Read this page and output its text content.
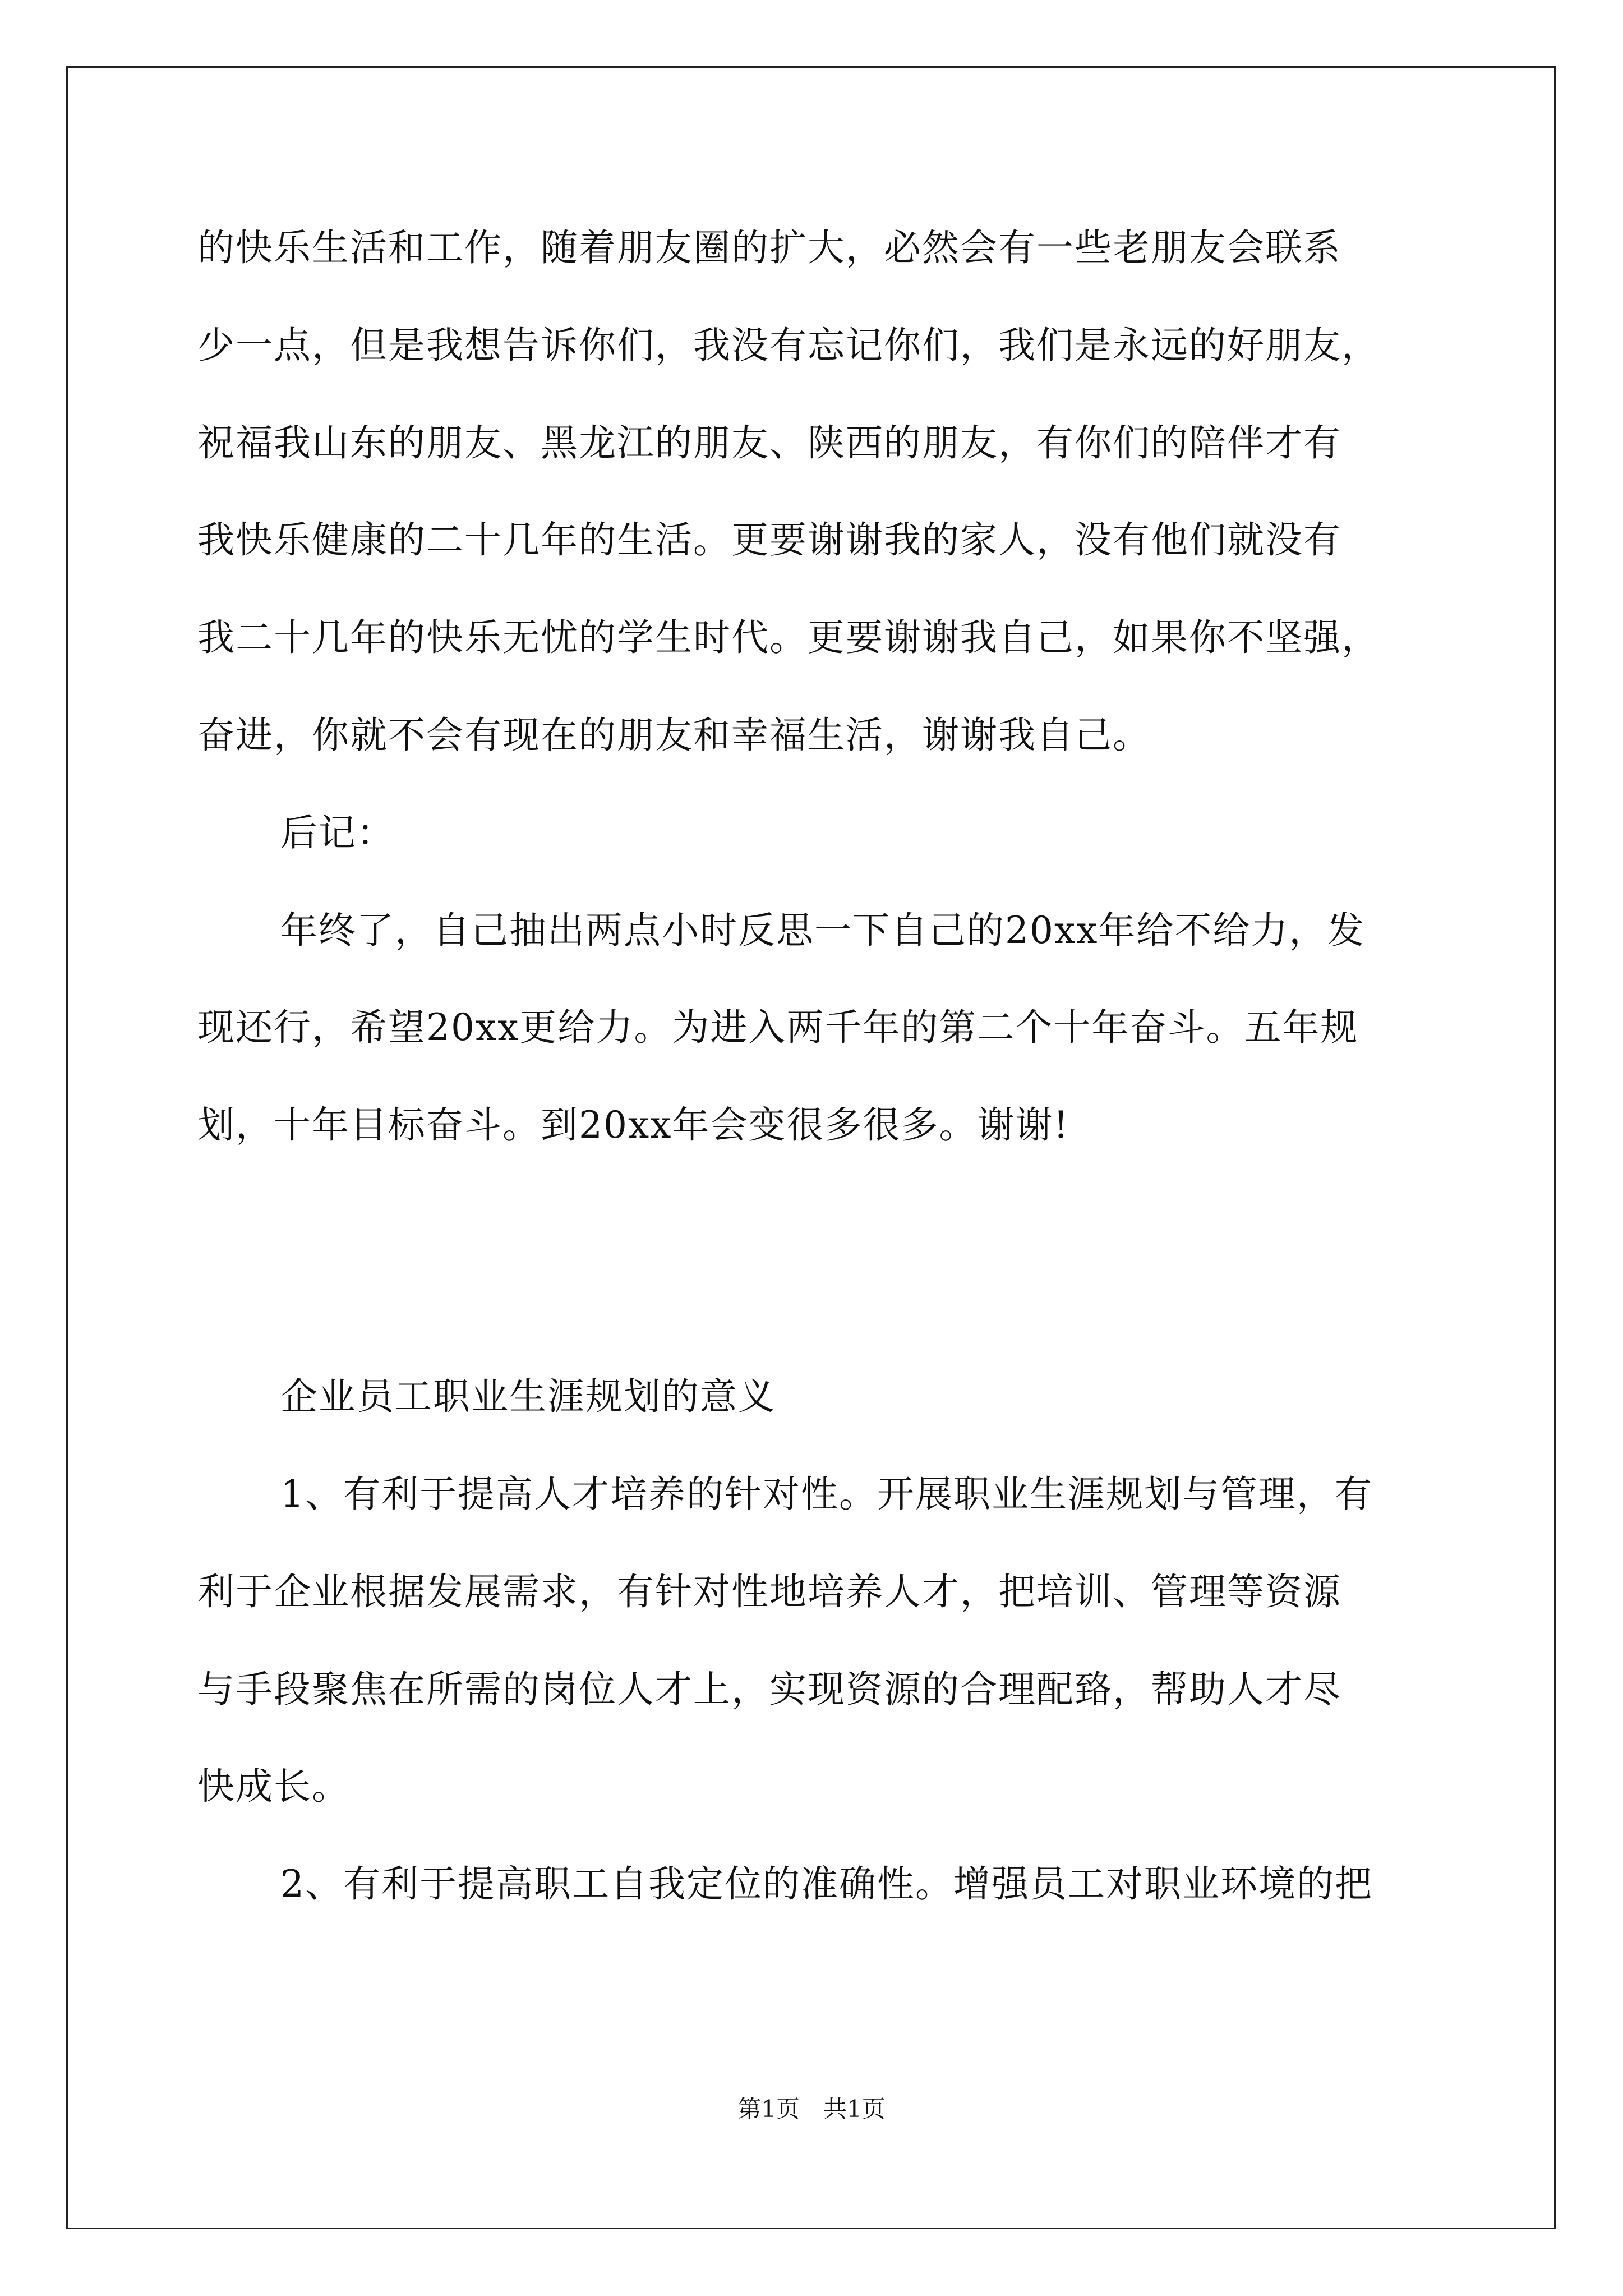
的快乐生活和工作，随着朋友圈的扩大，必然会有一些老朋友会联系
少一点，但是我想告诉你们，我没有忘记你们，我们是永远的好朋友，
祝福我山东的朋友、黑龙江的朋友、陕西的朋友，有你们的陪伴才有
我快乐健康的二十几年的生活。更要谢谢我的家人，没有他们就没有
我二十几年的快乐无忧的学生时代。更要谢谢我自己，如果你不坚强，
奋进，你就不会有现在的朋友和幸福生活，谢谢我自己。
后记：
年终了，自己抽出两点小时反思一下自己的20xx年给不给力，发
现还行，希望20xx更给力。为进入两千年的第二个十年奋斗。五年规
划，十年目标奋斗。到20xx年会变很多很多。谢谢!
企业员工职业生涯规划的意义
1、有利于提高人才培养的针对性。开展职业生涯规划与管理，有
利于企业根据发展需求，有针对性地培养人才，把培训、管理等资源
与手段聚焦在所需的岗位人才上，实现资源的合理配臵，帮助人才尽
快成长。
2、有利于提高职工自我定位的准确性。增强员工对职业环境的把
第1页　共1页
